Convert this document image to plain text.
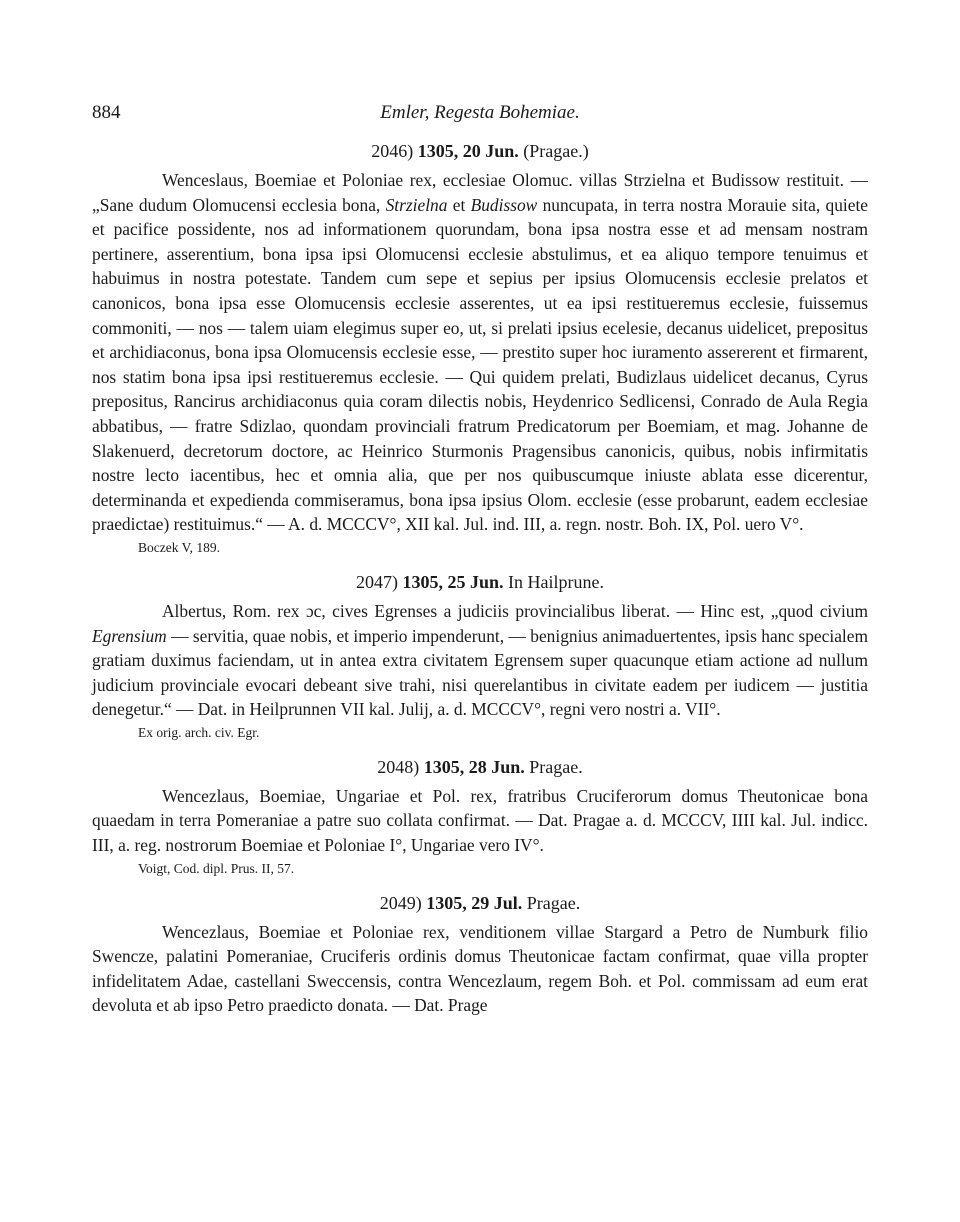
884	Emler, Regesta Bohemiae.
2046) 1305, 20 Jun. (Pragae.)

Wenceslaus, Boemiae et Poloniae rex, ecclesiae Olomuc. villas Strzielna et Budissow restituit. — „Sane dudum Olomucensi ecclesia bona, Strzielna et Budissow nuncupata, in terra nostra Morauie sita, quiete et pacifice possidente, nos ad informationem quorundam, bona ipsa nostra esse et ad mensam nostram pertinere, asserentium, bona ipsa ipsi Olomucensi ecclesie abstulimus, et ea aliquo tempore tenuimus et habuimus in nostra potestate. Tandem cum sepe et sepius per ipsius Olomucensis ecclesie prelatos et canonicos, bona ipsa esse Olomucensis ecclesie asserentes, ut ea ipsi restitueremus ecclesie, fuissemus commoniti, — nos — talem uiam elegimus super eo, ut, si prelati ipsius ecelesie, decanus uidelicet, prepositus et archidiaconus, bona ipsa Olomucensis ecclesie esse, — prestito super hoc iuramento assererent et firmarent, nos statim bona ipsa ipsi restitueremus ecclesie. — Qui quidem prelati, Budizlaus uidelicet decanus, Cyrus prepositus, Rancirus archidiaconus quia coram dilectis nobis, Heydenrico Sedlicensi, Conrado de Aula Regia abbatibus, — fratre Sdizlao, quondam provinciali fratrum Predicatorum per Boemiam, et mag. Johanne de Slakenuerd, decretorum doctore, ac Heinrico Sturmonis Pragensibus canonicis, quibus, nobis infirmitatis nostre lecto iacentibus, hec et omnia alia, que per nos quibuscumque iniuste ablata esse dicerentur, determinanda et expedienda commiseramus, bona ipsa ipsius Olom. ecclesie (esse probarunt, eadem ecclesiae praedictae) restituimus.“ — A. d. MCCCV°, XII kal. Jul. ind. III, a. regn. nostr. Boh. IX, Pol. uero V°.

Boczek V, 189.
2047) 1305, 25 Jun. In Hailprune.

Albertus, Rom. rex ɔc, cives Egrenses a judiciis provincialibus liberat. — Hinc est, „quod civium Egrensium — servitia, quae nobis, et imperio impenderunt, — benignius animaduertentes, ipsis hanc specialem gratiam duximus faciendam, ut in antea extra civitatem Egrensem super quacunque etiam actione ad nullum judicium provinciale evocari debeant sive trahi, nisi querelantibus in civitate eadem per iudicem — justitia denegetur.“ — Dat. in Heilprunnen VII kal. Julij, a. d. MCCCV°, regni vero nostri a. VII°.

Ex orig. arch. civ. Egr.
2048) 1305, 28 Jun. Pragae.

Wencezlaus, Boemiae, Ungariae et Pol. rex, fratribus Cruciferorum domus Theutonicae bona quaedam in terra Pomeraniae a patre suo collata confirmat. — Dat. Pragae a. d. MCCCV, IIII kal. Jul. indicc. III, a. reg. nostrorum Boemiae et Poloniae I°, Ungariae vero IV°.

Voigt, Cod. dipl. Prus. II, 57.
2049) 1305, 29 Jul. Pragae.

Wencezlaus, Boemiae et Poloniae rex, venditionem villae Stargard a Petro de Numburk filio Swencze, palatini Pomeraniae, Cruciferis ordinis domus Theutonicae factam confirmat, quae villa propter infidelitatem Adae, castellani Sweccensis, contra Wencezlaum, regem Boh. et Pol. commissam ad eum erat devoluta et ab ipso Petro praedicto donata. — Dat. Prage
